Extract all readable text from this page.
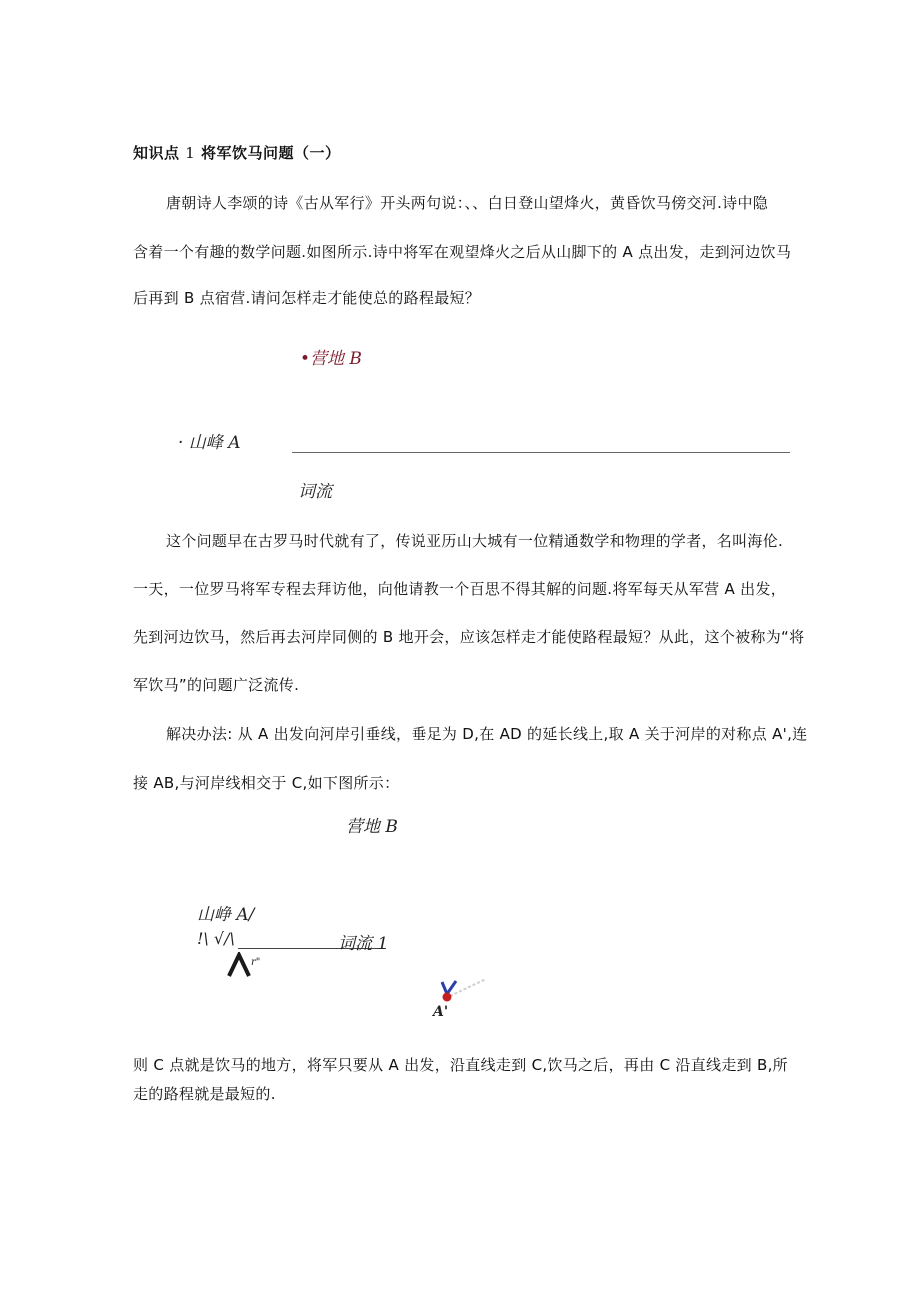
知识点 1 将军饮马问题（一）
唐朝诗人李颂的诗《古从军行》开头两句说：、、白日登山望烽火，黄昏饮马傍交河.诗中隐
含着一个有趣的数学问题.如图所示.诗中将军在观望烽火之后从山脚下的 A 点出发，走到河边饮马
后再到 B 点宿营.请问怎样走才能使总的路程最短？
•营地 B
· 山峰 A
词流
这个问题早在古罗马时代就有了，传说亚历山大城有一位精通数学和物理的学者，名叫海伦.
一天，一位罗马将军专程去拜访他，向他请教一个百思不得其解的问题.将军每天从军营 A 出发，
先到河边饮马，然后再去河岸同侧的 B 地开会，应该怎样走才能使路程最短？从此，这个被称为“将
军饮马”的问题广泛流传.
解决办法: 从 A 出发向河岸引垂线，垂足为 D,在 AD 的延长线上,取 A 关于河岸的对称点 A',连
接 AB,与河岸线相交于 C,如下图所示：
营地 B
山峥 A/
!\ √/\	词流 1
r"
A'
则 C 点就是饮马的地方，将军只要从 A 出发，沿直线走到 C,饮马之后，再由 C 沿直线走到 B,所
走的路程就是最短的.
